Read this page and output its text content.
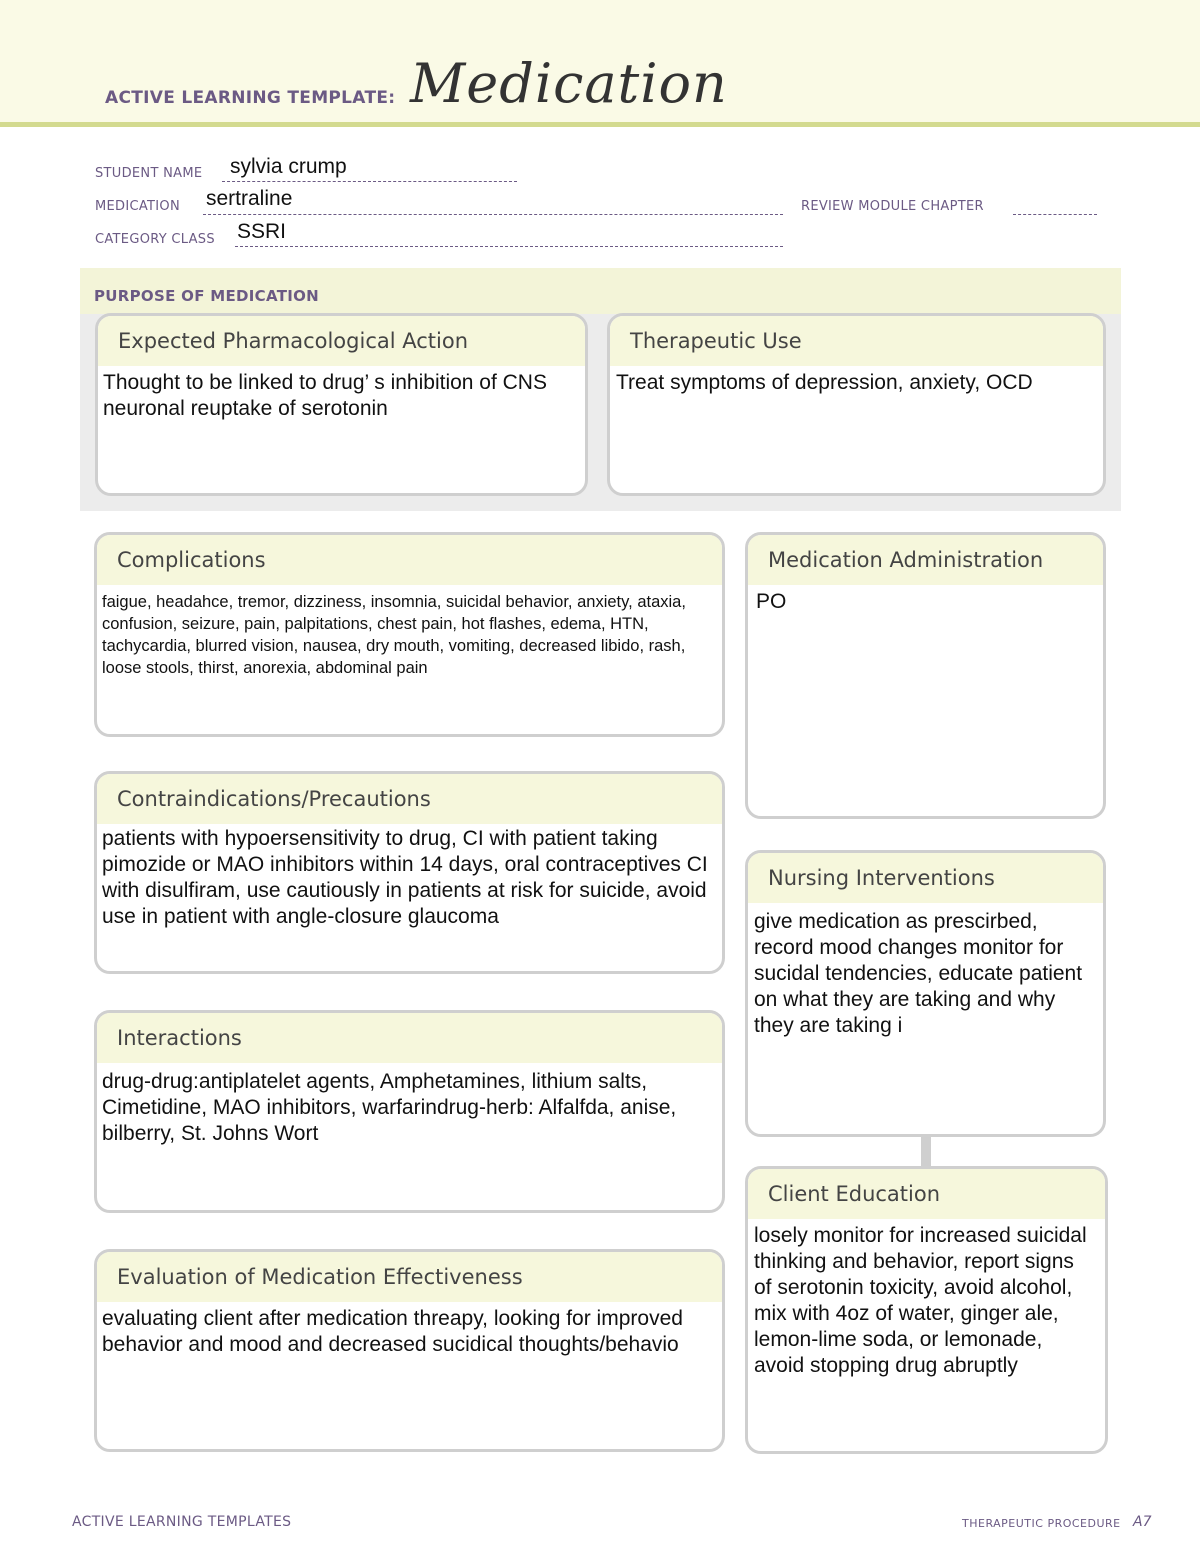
ACTIVE LEARNING TEMPLATE: Medication
STUDENT NAME sylvia crump
MEDICATION sertraline	REVIEW MODULE CHAPTER
CATEGORY CLASS SSRI
PURPOSE OF MEDICATION
Expected Pharmacological Action
Thought to be linked to drug’ s inhibition of CNS neuronal reuptake of serotonin
Therapeutic Use
Treat symptoms of depression, anxiety, OCD
Complications
faigue, headahce, tremor, dizziness, insomnia, suicidal behavior, anxiety, ataxia, confusion, seizure, pain, palpitations, chest pain, hot flashes, edema, HTN, tachycardia, blurred vision, nausea, dry mouth, vomiting, decreased libido, rash, loose stools, thirst, anorexia, abdominal pain
Contraindications/Precautions
patients with hypoersensitivity to drug, CI with patient taking pimozide or MAO inhibitors within 14 days, oral contraceptives CI with disulfiram, use cautiously in patients at risk for suicide, avoid use in patient with angle-closure glaucoma
Interactions
drug-drug:antiplatelet agents, Amphetamines, lithium salts, Cimetidine, MAO inhibitors, warfarindrug-herb: Alfalfda, anise, bilberry, St. Johns Wort
Evaluation of Medication Effectiveness
evaluating client after medication threapy, looking for improved behavior and mood and decreased sucidical thoughts/behavio
Medication Administration
PO
Nursing Interventions
give medication as prescirbed, record mood changes monitor for sucidal tendencies, educate patient on what they are taking and why they are taking i
Client Education
losely monitor for increased suicidal thinking and behavior, report signs of serotonin toxicity, avoid alcohol, mix with 4oz of water, ginger ale, lemon-lime soda, or lemonade, avoid stopping drug abruptly
ACTIVE LEARNING TEMPLATES	THERAPEUTIC PROCEDURE A7
